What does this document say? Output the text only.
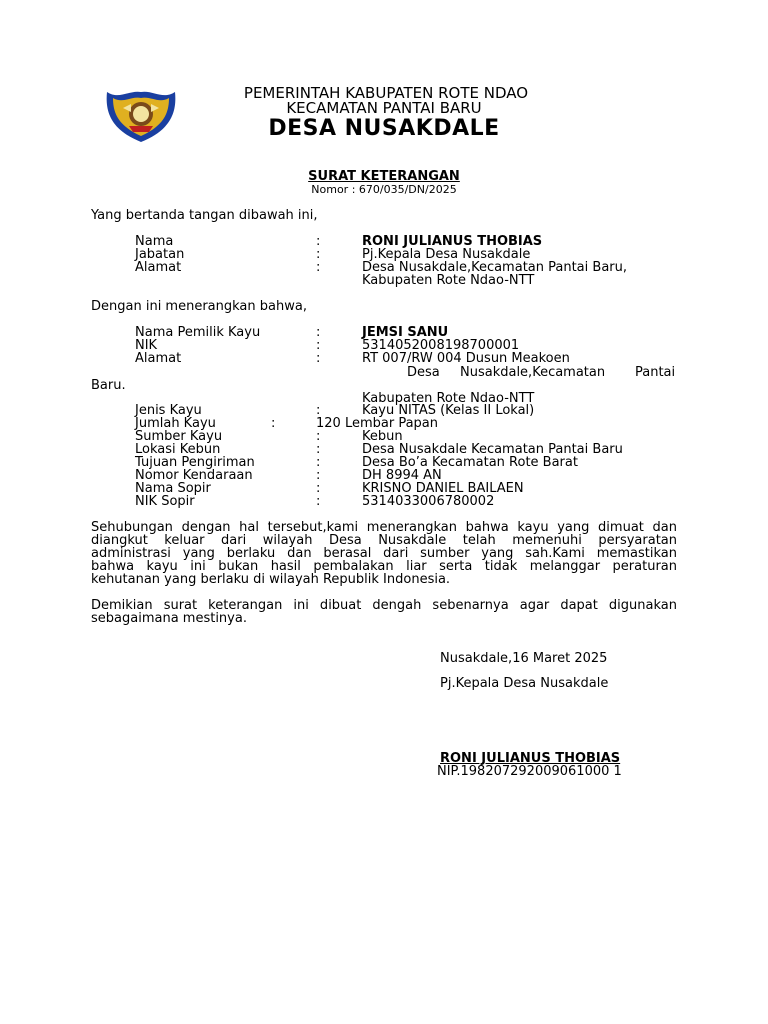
PEMERINTAH KABUPATEN ROTE NDAO
KECAMATAN PANTAI BARU
DESA NUSAKDALE
SURAT KETERANGAN
Nomor : 670/035/DN/2025
Yang bertanda tangan dibawah ini,
Nama	:	RONI JULIANUS THOBIAS
Jabatan	:	Pj.Kepala Desa Nusakdale
Alamat	:	Desa Nusakdale,Kecamatan Pantai Baru,
Kabupaten Rote Ndao-NTT
Dengan ini menerangkan bahwa,
Nama Pemilik Kayu	:	JEMSI SANU
NIK	:	5314052008198700001
Alamat	:	RT 007/RW 004 Dusun Meakoen
Desa Nusakdale,Kecamatan Pantai
Baru.
Kabupaten Rote Ndao-NTT
Jenis Kayu	:	Kayu NITAS (Kelas II Lokal)
Jumlah Kayu	:	120 Lembar Papan
Sumber Kayu	:	Kebun
Lokasi Kebun	:	Desa Nusakdale Kecamatan Pantai Baru
Tujuan Pengiriman	:	Desa Bo’a Kecamatan Rote Barat
Nomor Kendaraan	:	DH 8994 AN
Nama Sopir	:	KRISNO DANIEL BAILAEN
NIK Sopir	:	5314033006780002
Sehubungan dengan hal tersebut,kami menerangkan bahwa kayu yang dimuat dan
diangkut keluar dari wilayah Desa Nusakdale telah memenuhi persyaratan
administrasi yang berlaku dan berasal dari sumber yang sah.Kami memastikan
bahwa kayu ini bukan hasil pembalakan liar serta tidak melanggar peraturan
kehutanan yang berlaku di wilayah Republik Indonesia.
Demikian surat keterangan ini dibuat dengah sebenarnya agar dapat digunakan
sebagaimana mestinya.
Nusakdale,16 Maret 2025
Pj.Kepala Desa Nusakdale
RONI JULIANUS THOBIAS
NIP.198207292009061000 1
